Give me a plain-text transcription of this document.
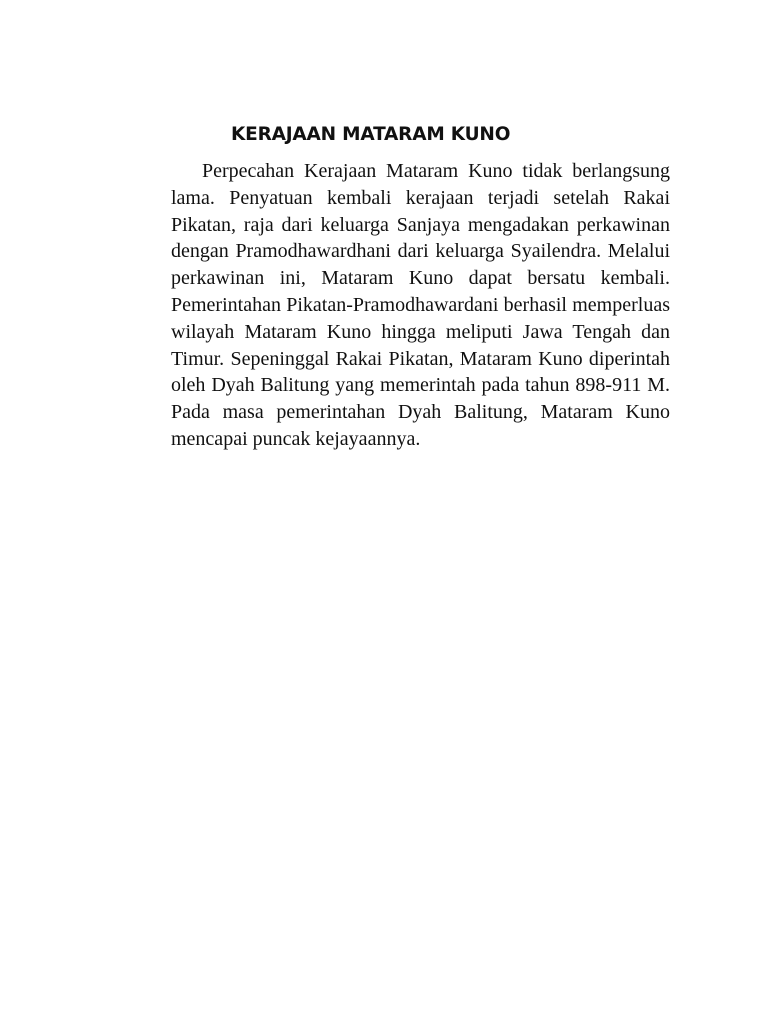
KERAJAAN MATARAM KUNO

Perpecahan Kerajaan Mataram Kuno tidak berlangsung lama. Penyatuan kembali kerajaan terjadi setelah Rakai Pikatan, raja dari keluarga Sanjaya mengadakan perkawinan dengan Pramodhawardhani dari keluarga Syailendra. Melalui perkawinan ini, Mataram Kuno dapat bersatu kembali. Pemerintahan Pikatan-Pramodhawardani berhasil memperluas wilayah Mataram Kuno hingga meliputi Jawa Tengah dan Timur. Sepeninggal Rakai Pikatan, Mataram Kuno diperintah oleh Dyah Balitung yang memerintah pada tahun 898-911 M. Pada masa pemerintahan Dyah Balitung, Mataram Kuno mencapai puncak kejayaannya.
